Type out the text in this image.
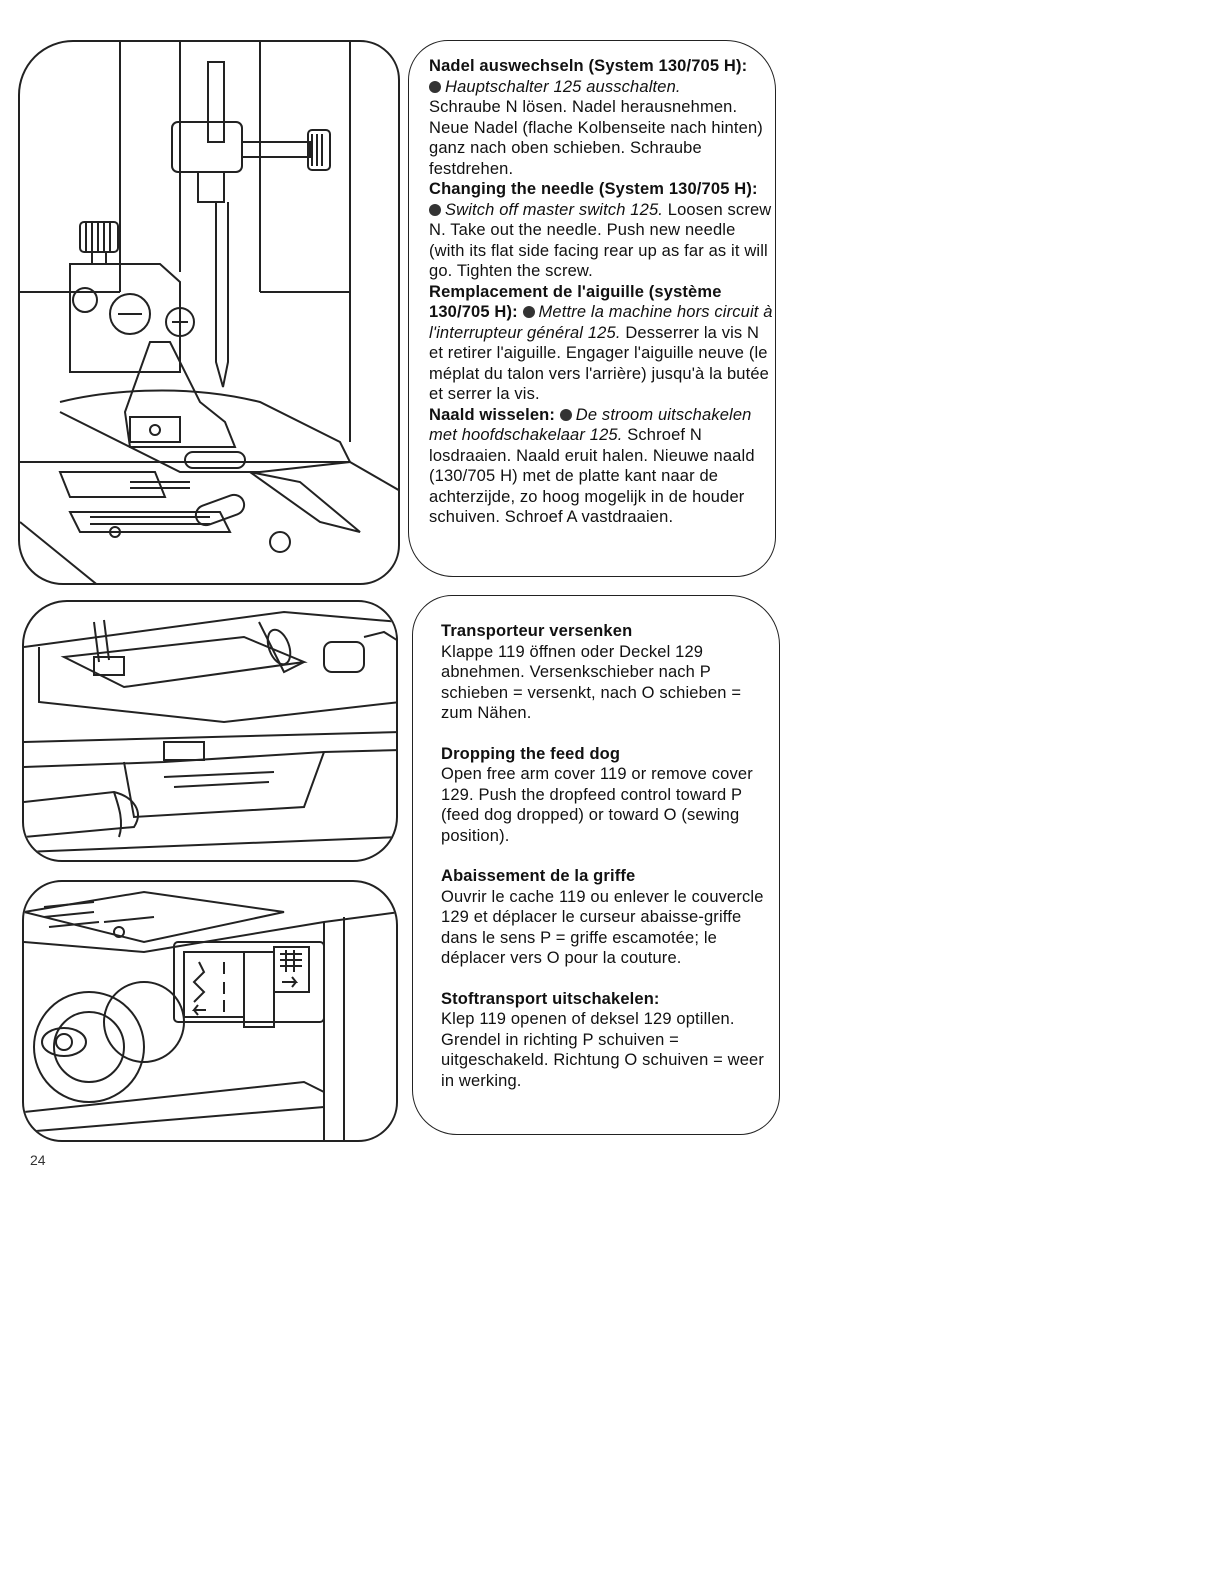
Nadel auswechseln (System 130/705 H):

Hauptschalter 125 ausschalten.

Schraube N lösen. Nadel herausnehmen. Neue Nadel (flache Kolbenseite nach hinten) ganz nach oben schieben. Schraube festdrehen.

Changing the needle (System 130/705 H): Switch off master switch 125. Loosen screw N. Take out the needle. Push new needle (with its flat side facing rear up as far as it will go. Tighten the screw.

Remplacement de l'aiguille (système 130/705 H): Mettre la machine hors circuit à l'interrupteur général 125. Desserrer la vis N et retirer l'aiguille. Engager l'aiguille neuve (le méplat du talon vers l'arrière) jusqu'à la butée et serrer la vis.

Naald wisselen: De stroom uitschakelen met hoofdschakelaar 125. Schroef N losdraaien. Naald eruit halen. Nieuwe naald (130/705 H) met de platte kant naar de achterzijde, zo hoog mogelijk in de houder schuiven. Schroef A vastdraaien.

Transporteur versenken

Klappe 119 öffnen oder Deckel 129 abnehmen. Versenkschieber nach P schieben = versenkt, nach O schieben = zum Nähen.

Dropping the feed dog

Open free arm cover 119 or remove cover 129. Push the dropfeed control toward P (feed dog dropped) or toward O (sewing position).

Abaissement de la griffe

Ouvrir le cache 119 ou enlever le couvercle 129 et déplacer le curseur abaisse-griffe dans le sens P = griffe escamotée; le déplacer vers O pour la couture.

Stoftransport uitschakelen:

Klep 119 openen of deksel 129 optillen. Grendel in richting P schuiven = uitgeschakeld. Richtung O schuiven = weer in werking.

24
